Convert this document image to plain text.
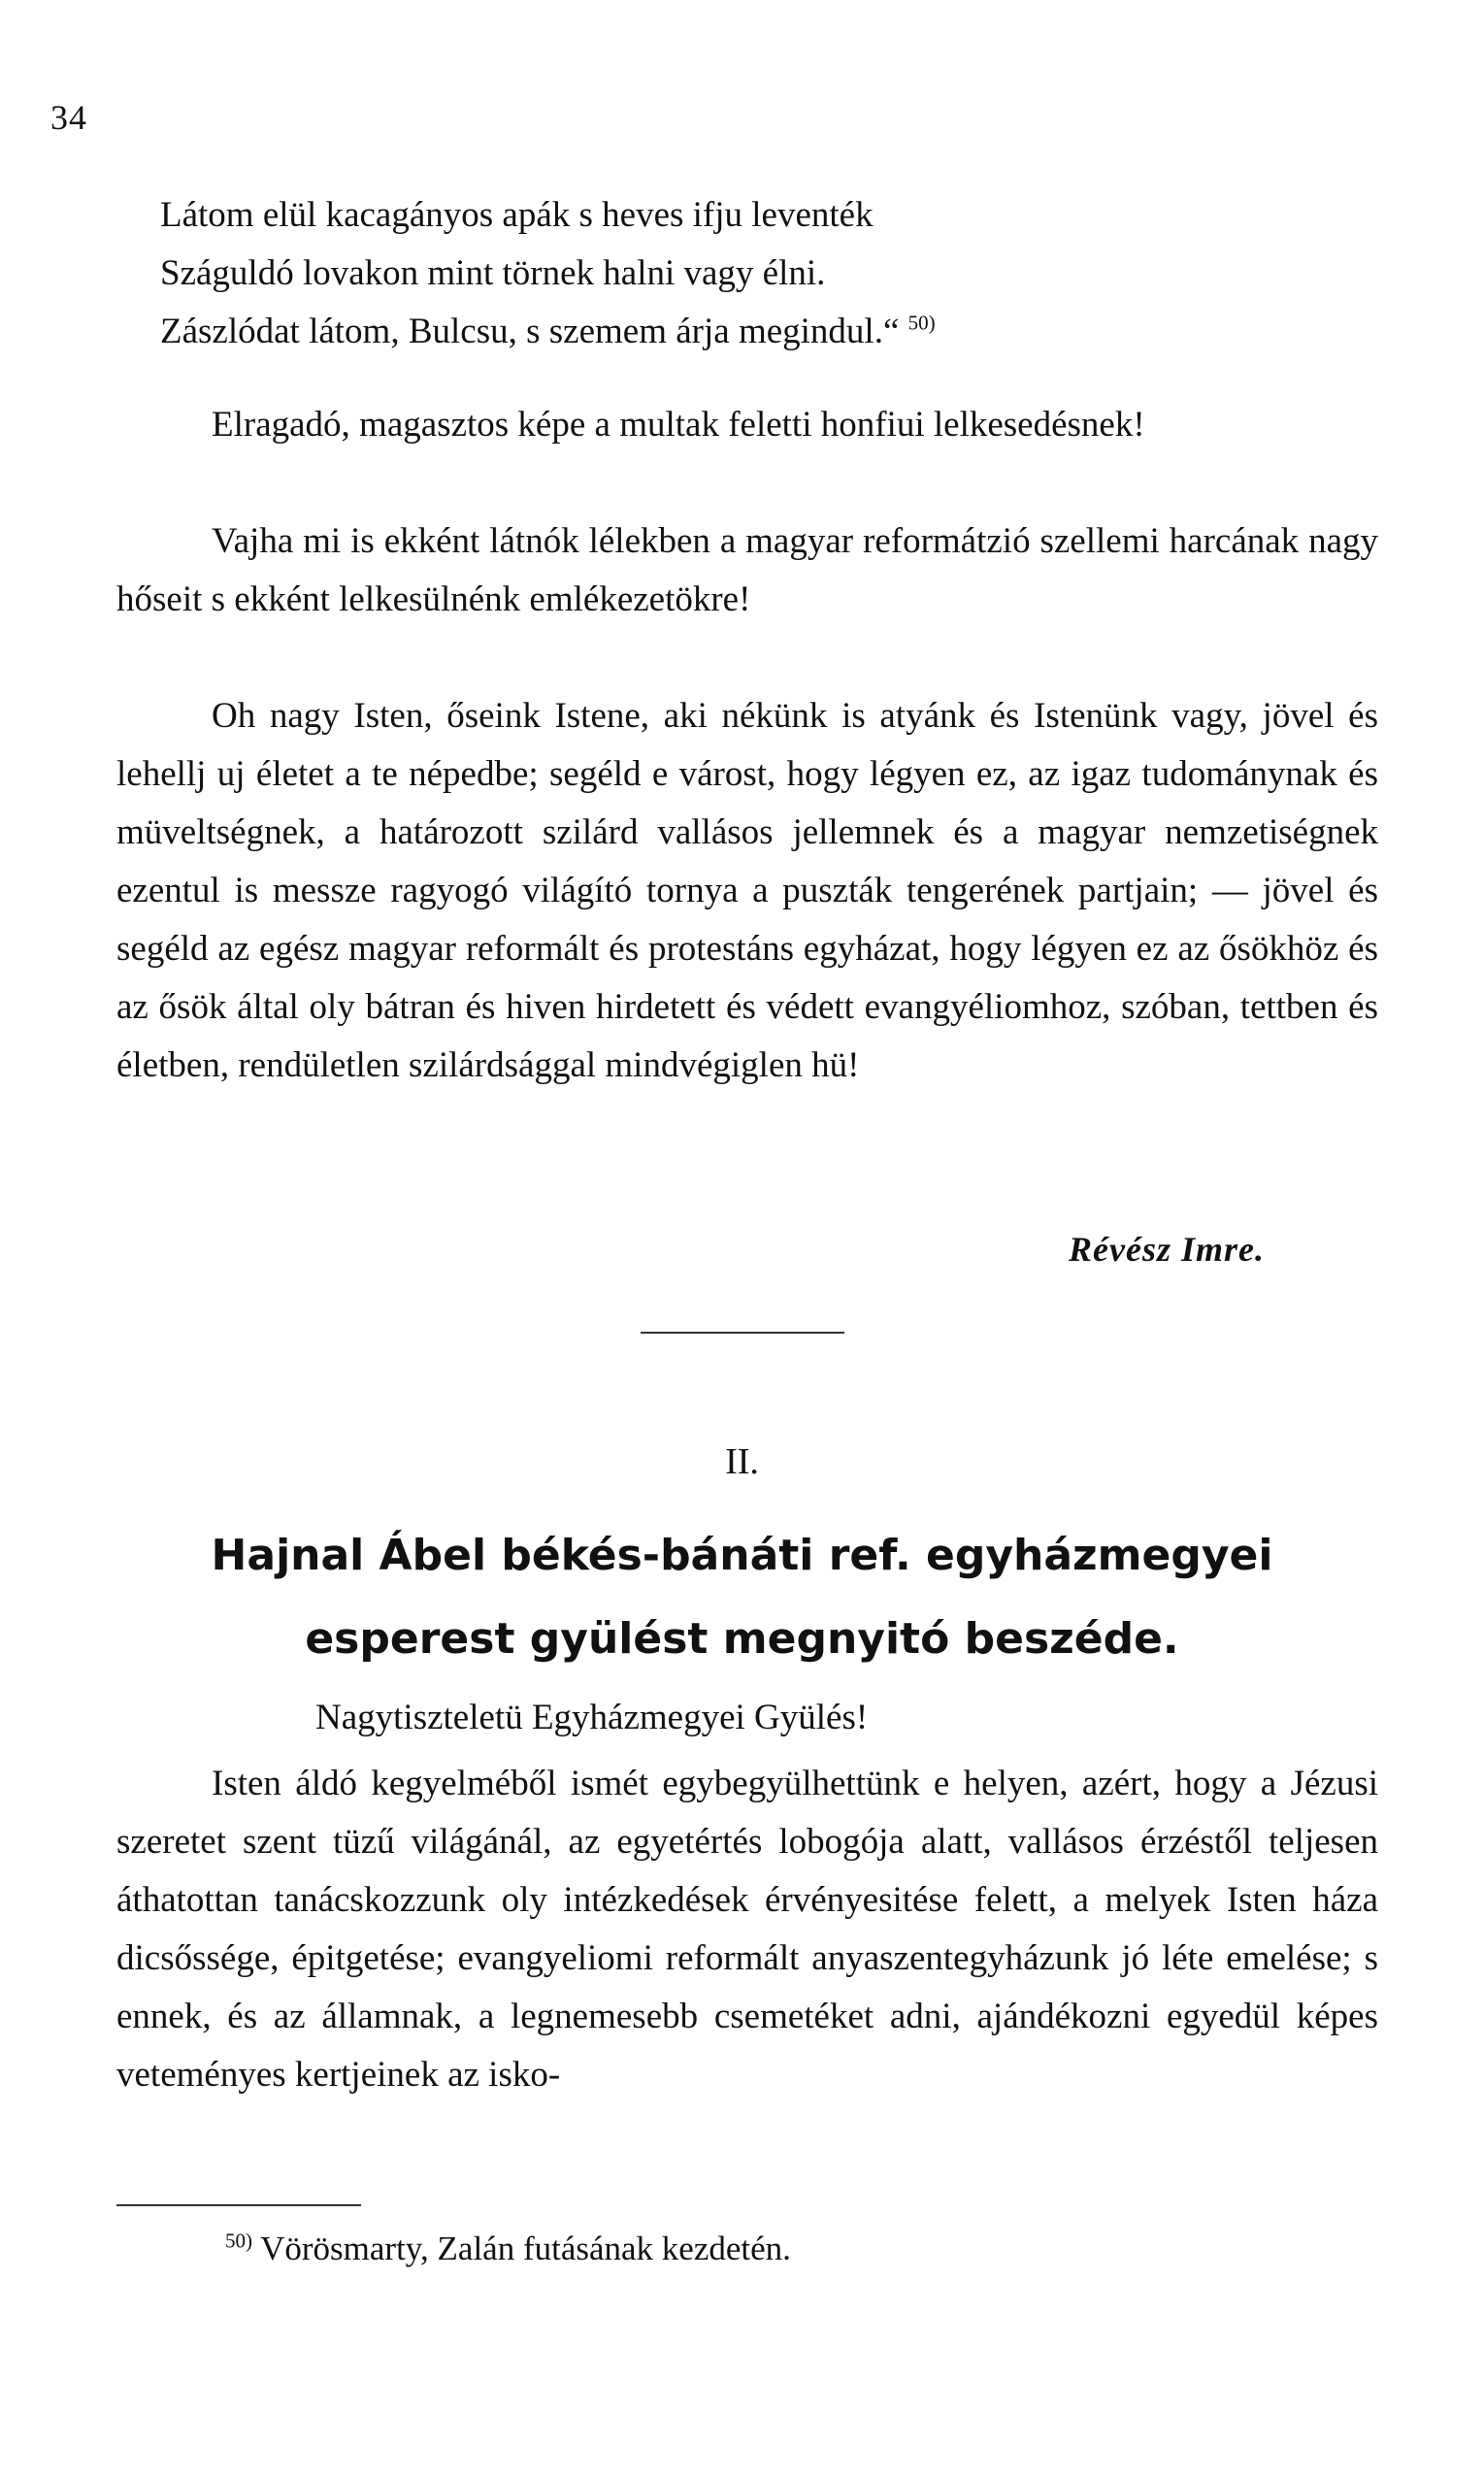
34
Látom elül kacagányos apák s heves ifju leventék
Száguldó lovakon mint törnek halni vagy élni.
Zászlódat látom, Bulcsu, s szemem árja megindul.“ $^{50)}$
Elragadó, magasztos képe a multak feletti honfiui lelkesedésnek!
Vajha mi is ekként látnók lélekben a magyar reformátzió szellemi harcának nagy hőseit s ekként lelkesülnénk emlékezetökre!
Oh nagy Isten, őseink Istene, aki nékünk is atyánk és Istenünk vagy, jövel és lehellj uj életet a te népedbe; segéld e várost, hogy légyen ez, az igaz tudománynak és müveltségnek, a határozott szilárd vallásos jellemnek és a magyar nemzetiségnek ezentul is messze ragyogó világító tornya a puszták tengerének partjain; — jövel és segéld az egész magyar reformált és protestáns egyházat, hogy légyen ez az ősökhöz és az ősök által oly bátran és hiven hirdetett és védett evangyéliomhoz, szóban, tettben és életben, rendületlen szilárdsággal mindvégiglen hü!
Révész Imre.
II.
Hajnal Ábel békés-bánáti ref. egyházmegyei
esperest gyülést megnyitó beszéde.
Nagytiszteletü Egyházmegyei Gyülés!
Isten áldó kegyelméből ismét egybegyülhettünk e helyen, azért, hogy a Jézusi szeretet szent tüzű világánál, az egyetértés lobogója alatt, vallásos érzéstől teljesen áthatottan tanácskozzunk oly intézkedések érvényesitése felett, a melyek Isten háza dicsőssége, épitgetése; evangyeliomi reformált anyaszentegyházunk jó léte emelése; s ennek, és az államnak, a legnemesebb csemetéket adni, ajándékozni egyedül képes veteményes kertjeinek az isko-
$^{50)}$ Vörösmarty, Zalán futásának kezdetén.
